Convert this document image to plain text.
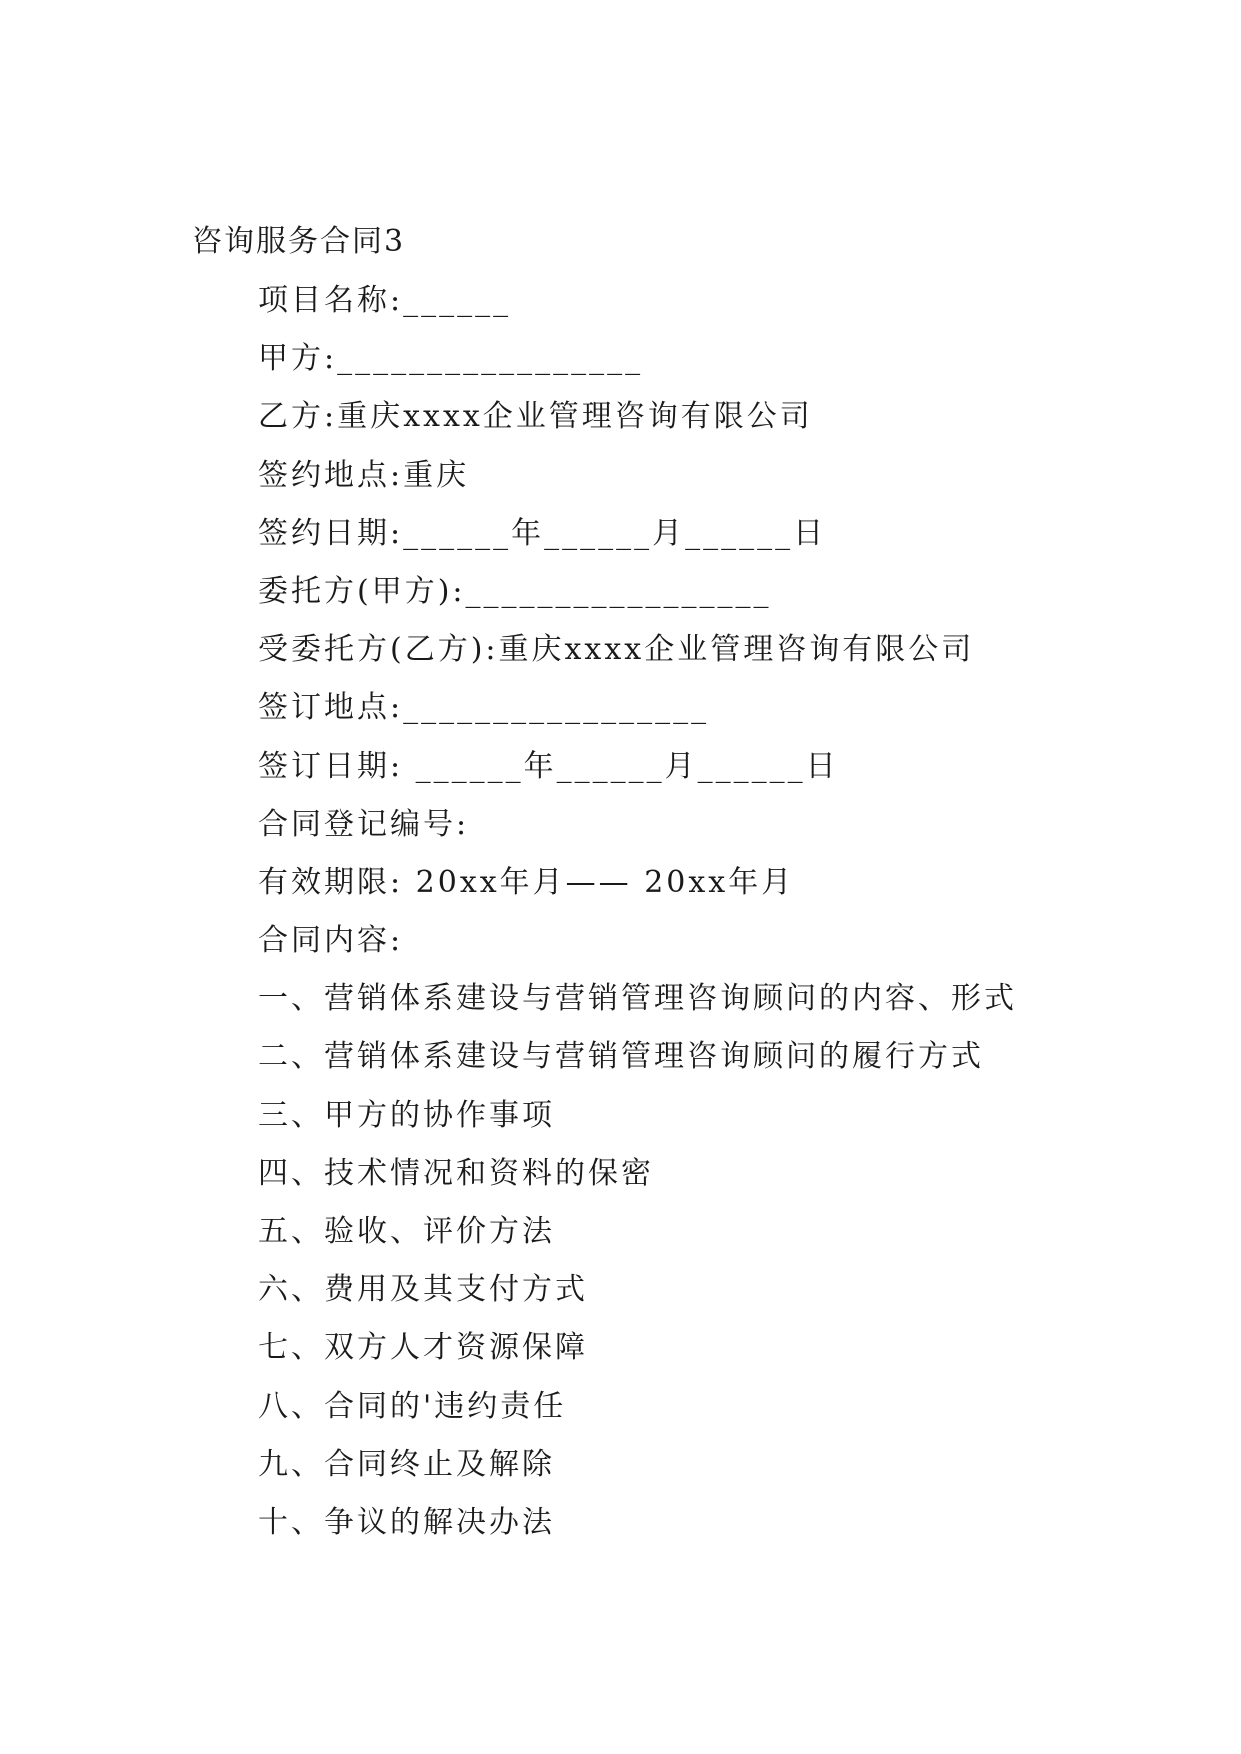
咨询服务合同3
项目名称:______
甲方:_________________
乙方:重庆xxxx企业管理咨询有限公司
签约地点:重庆
签约日期:______年______月______日
委托方(甲方):_________________
受委托方(乙方):重庆xxxx企业管理咨询有限公司
签订地点:_________________
签订日期: ______年______月______日
合同登记编号:
有效期限: 20xx年月—— 20xx年月
合同内容:
一、营销体系建设与营销管理咨询顾问的内容、形式
二、营销体系建设与营销管理咨询顾问的履行方式
三、甲方的协作事项
四、技术情况和资料的保密
五、验收、评价方法
六、费用及其支付方式
七、双方人才资源保障
八、合同的'违约责任
九、合同终止及解除
十、争议的解决办法
